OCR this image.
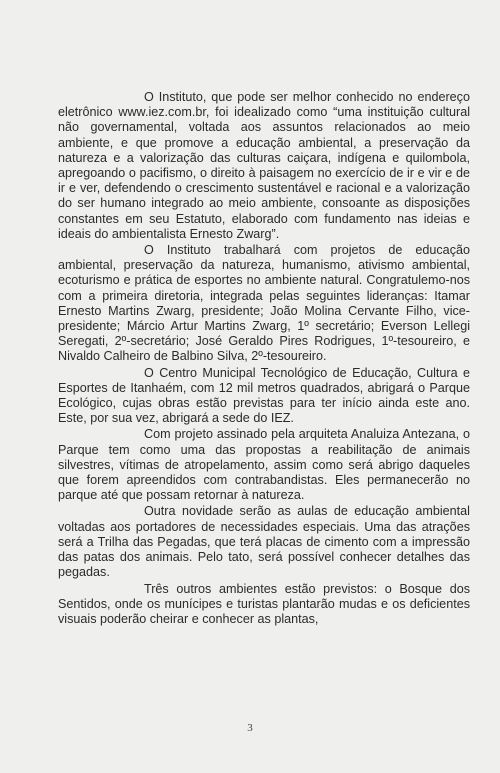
O Instituto, que pode ser melhor conhecido no endereço eletrônico www.iez.com.br, foi idealizado como “uma instituição cultural não governamental, voltada aos assuntos relacionados ao meio ambiente, e que promove a educação ambiental, a preservação da natureza e a valorização das culturas caiçara, indígena e quilombola, apregoando o pacifismo, o direito à paisagem no exercício de ir e vir e de ir e ver, defendendo o crescimento sustentável e racional e a valorização do ser humano integrado ao meio ambiente, consoante as disposições constantes em seu Estatuto, elaborado com fundamento nas ideias e ideais do ambientalista Ernesto Zwarg”.

O Instituto trabalhará com projetos de educação ambiental, preservação da natureza, humanismo, ativismo ambiental, ecoturismo e prática de esportes no ambiente natural. Congratulemo-nos com a primeira diretoria, integrada pelas seguintes lideranças: Itamar Ernesto Martins Zwarg, presidente; João Molina Cervante Filho, vice-presidente; Márcio Artur Martins Zwarg, 1º secretário; Everson Lellegi Seregati, 2º-secretário; José Geraldo Pires Rodrigues, 1º-tesoureiro, e Nivaldo Calheiro de Balbino Silva, 2º-tesoureiro.

O Centro Municipal Tecnológico de Educação, Cultura e Esportes de Itanhaém, com 12 mil metros quadrados, abrigará o Parque Ecológico, cujas obras estão previstas para ter início ainda este ano. Este, por sua vez, abrigará a sede do IEZ.

Com projeto assinado pela arquiteta Analuiza Antezana, o Parque tem como uma das propostas a reabilitação de animais silvestres, vítimas de atropelamento, assim como será abrigo daqueles que forem apreendidos com contrabandistas. Eles permanecerão no parque até que possam retornar à natureza.

Outra novidade serão as aulas de educação ambiental voltadas aos portadores de necessidades especiais. Uma das atrações será a Trilha das Pegadas, que terá placas de cimento com a impressão das patas dos animais. Pelo tato, será possível conhecer detalhes das pegadas.

Três outros ambientes estão previstos: o Bosque dos Sentidos, onde os munícipes e turistas plantarão mudas e os deficientes visuais poderão cheirar e conhecer as plantas,

3
